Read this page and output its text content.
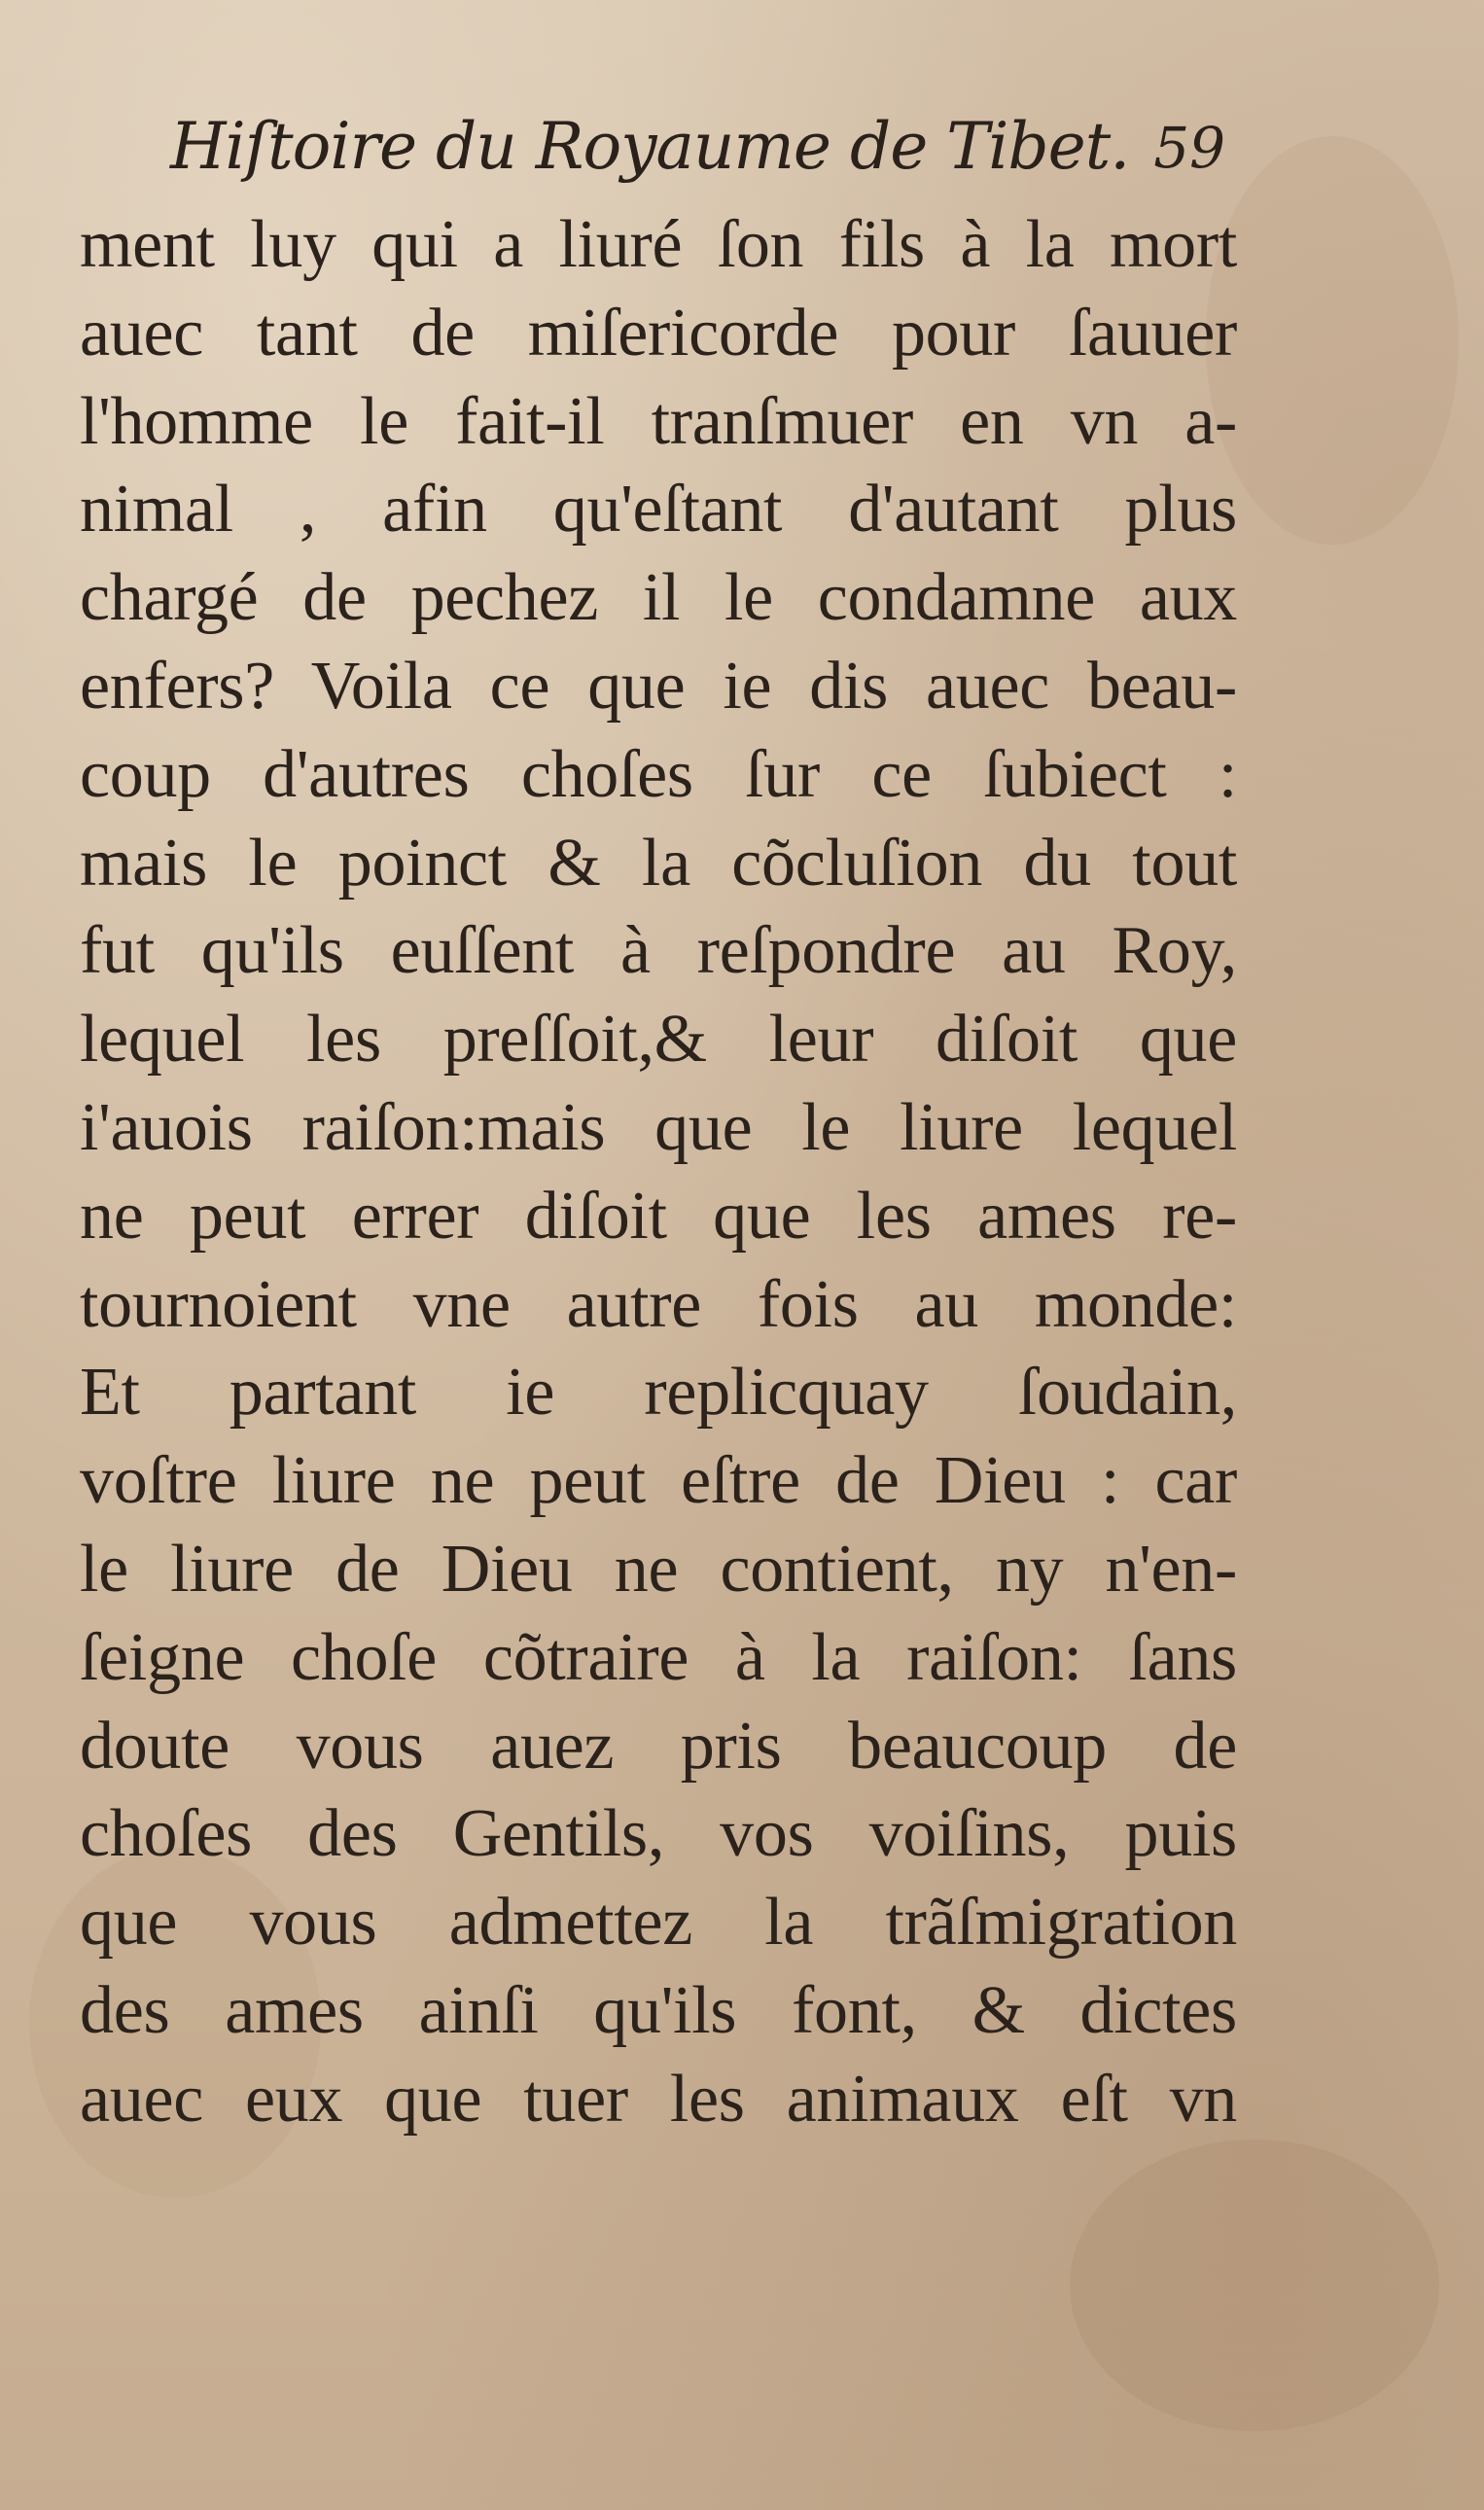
Hiſtoire du Royaume de Tibet. 59
ment luy qui a liuré ſon fils à la mort
auec tant de miſericorde pour ſauuer
l'homme le fait-il tranſmuer en vn a-
nimal , afin qu'eſtant d'autant plus
chargé de pechez il le condamne aux
enfers? Voila ce que ie dis auec beau-
coup d'autres choſes ſur ce ſubiect :
mais le poinct & la cõcluſion du tout
fut qu'ils euſſent à reſpondre au Roy,
lequel les preſſoit,& leur diſoit que
i'auois raiſon:mais que le liure lequel
ne peut errer diſoit que les ames re-
tournoient vne autre fois au monde:
Et partant ie replicquay ſoudain,
voſtre liure ne peut eſtre de Dieu : car
le liure de Dieu ne contient, ny n'en-
ſeigne choſe cõtraire à la raiſon: ſans
doute vous auez pris beaucoup de
choſes des Gentils, vos voiſins, puis
que vous admettez la trãſmigration
des ames ainſi qu'ils font, & dictes
auec eux que tuer les animaux eſt vn
